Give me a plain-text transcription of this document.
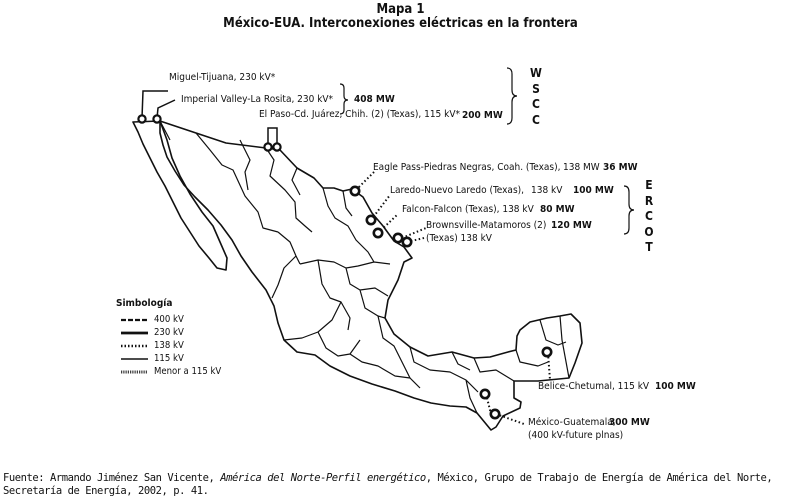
Mapa 1
México-EUA. Interconexiones eléctricas en la frontera
Miguel-Tijuana, 230 kV*
Imperial Valley-La Rosita, 230 kV* 408 MW
El Paso-Cd. Juárez, Chih. (2) (Texas), 115 kV* 200 MW
Eagle Pass-Piedras Negras, Coah. (Texas), 138 MW 36 MW
Laredo-Nuevo Laredo (Texas), 138 kV 100 MW
Falcon-Falcon (Texas), 138 kV 80 MW
Brownsville-Matamoros (2) 120 MW
(Texas) 138 kV
Belice-Chetumal, 115 kV 100 MW
México-Guatemala,
300 MW
(400 kV-future plnas)
W
S
C
C
E
R
C
O
T
Simbología
400 kV
230 kV
138 kV
115 kV
Menor a 115 kV
Fuente: Armando Jiménez San Vicente, América del Norte-Perfil energético, México, Grupo de Trabajo de Energía de América del Norte, Secretaría de Energía, 2002, p. 41.
